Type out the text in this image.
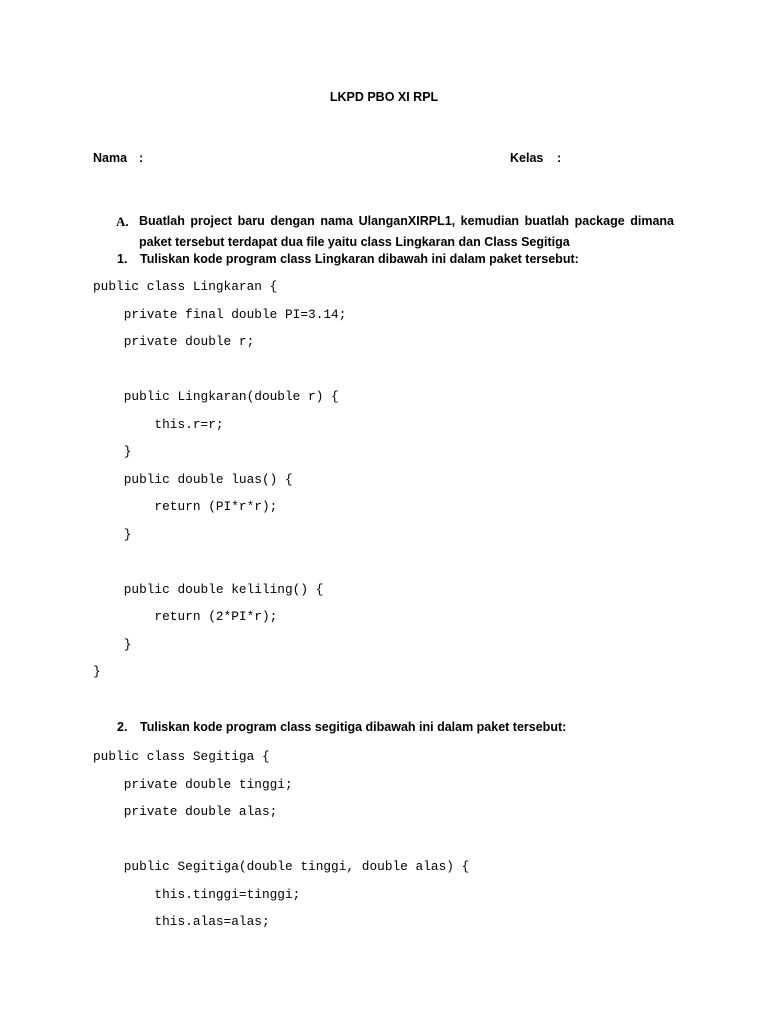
LKPD PBO XI RPL
Nama :	Kelas :
A. Buatlah project baru dengan nama UlanganXIRPL1, kemudian buatlah package dimana paket tersebut terdapat dua file yaitu class Lingkaran dan Class Segitiga
1. Tuliskan kode program class Lingkaran dibawah ini dalam paket tersebut:
public class Lingkaran {
private final double PI=3.14;
private double r;
public Lingkaran(double r) {
this.r=r;
}
public double luas() {
return (PI*r*r);
}
public double keliling() {
return (2*PI*r);
}
}
2. Tuliskan kode program class segitiga dibawah ini dalam paket tersebut:
public class Segitiga {
private double tinggi;
private double alas;
public Segitiga(double tinggi, double alas) {
this.tinggi=tinggi;
this.alas=alas;
